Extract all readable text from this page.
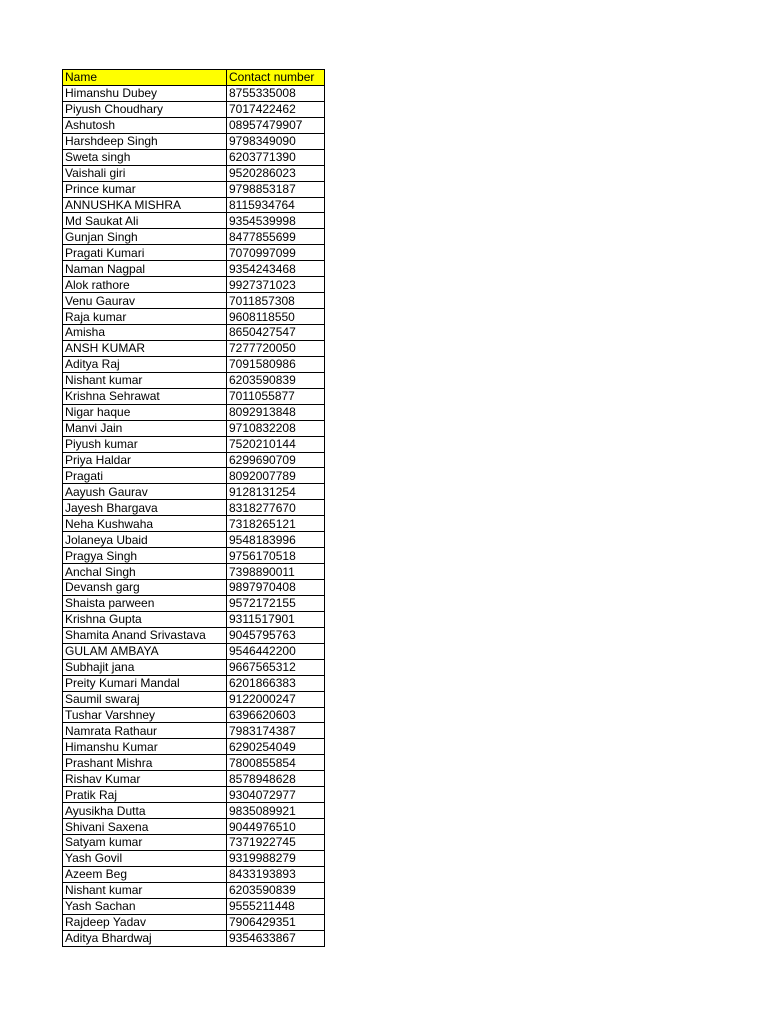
Name	Contact number
Himanshu Dubey	8755335008
Piyush Choudhary	7017422462
Ashutosh	08957479907
Harshdeep Singh	9798349090
Sweta singh	6203771390
Vaishali giri	9520286023
Prince kumar	9798853187
ANNUSHKA MISHRA	8115934764
Md Saukat Ali	9354539998
Gunjan Singh	8477855699
Pragati Kumari	7070997099
Naman Nagpal	9354243468
Alok rathore	9927371023
Venu Gaurav	7011857308
Raja kumar	9608118550
Amisha	8650427547
ANSH KUMAR	7277720050
Aditya Raj	7091580986
Nishant kumar	6203590839
Krishna Sehrawat	7011055877
Nigar haque	8092913848
Manvi Jain	9710832208
Piyush kumar	7520210144
Priya Haldar	6299690709
Pragati	8092007789
Aayush Gaurav	9128131254
Jayesh Bhargava	8318277670
Neha Kushwaha	7318265121
Jolaneya Ubaid	9548183996
Pragya Singh	9756170518
Anchal Singh	7398890011
Devansh garg	9897970408
Shaista parween	9572172155
Krishna Gupta	9311517901
Shamita Anand Srivastava	9045795763
GULAM AMBAYA	9546442200
Subhajit jana	9667565312
Preity Kumari Mandal	6201866383
Saumil swaraj	9122000247
Tushar Varshney	6396620603
Namrata Rathaur	7983174387
Himanshu Kumar	6290254049
Prashant Mishra	7800855854
Rishav Kumar	8578948628
Pratik Raj	9304072977
Ayusikha Dutta	9835089921
Shivani Saxena	9044976510
Satyam kumar	7371922745
Yash Govil	9319988279
Azeem Beg	8433193893
Nishant kumar	6203590839
Yash Sachan	9555211448
Rajdeep Yadav	7906429351
Aditya Bhardwaj	9354633867
